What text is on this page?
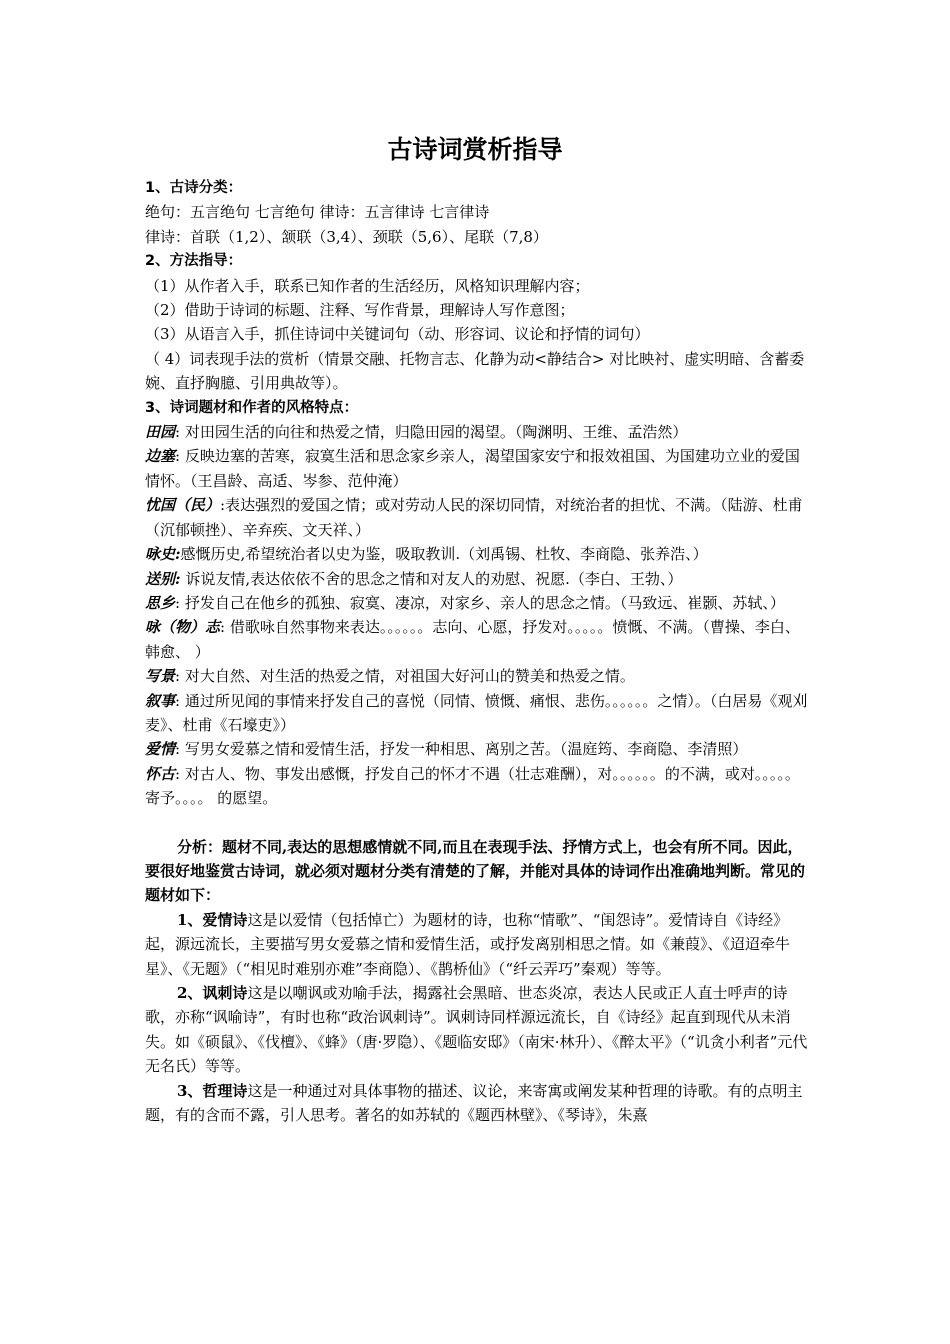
古诗词赏析指导

1、古诗分类：

绝句：五言绝句 七言绝句 律诗：五言律诗 七言律诗

律诗：首联（1,2）、颔联（3,4）、颈联（5,6）、尾联（7,8）

2、方法指导：

（1）从作者入手，联系已知作者的生活经历，风格知识理解内容；

（2）借助于诗词的标题、注释、写作背景，理解诗人写作意图；

（3）从语言入手，抓住诗词中关键词句（动、形容词、议论和抒情的词句）

（ 4）词表现手法的赏析（情景交融、托物言志、化静为动<静结合> 对比映衬、虚实明暗、含蓄委婉、直抒胸臆、引用典故等）。

3、诗词题材和作者的风格特点：

田园: 对田园生活的向往和热爱之情，归隐田园的渴望。（陶渊明、王维、孟浩然）

边塞: 反映边塞的苦寒，寂寞生活和思念家乡亲人，渴望国家安宁和报效祖国、为国建功立业的爱国情怀。（王昌龄、高适、岑参、范仲淹）

忧国（民）:表达强烈的爱国之情；或对劳动人民的深切同情，对统治者的担忧、不满。（陆游、杜甫（沉郁顿挫）、辛弃疾、文天祥、）

咏史:感慨历史,希望统治者以史为鉴，吸取教训.（刘禹锡、杜牧、李商隐、张养浩、）

送别: 诉说友情,表达依依不舍的思念之情和对友人的劝慰、祝愿.（李白、王勃、）

思乡: 抒发自己在他乡的孤独、寂寞、凄凉，对家乡、亲人的思念之情。（马致远、崔颢、苏轼、）

咏（物）志: 借歌咏自然事物来表达。。。。。。志向、心愿，抒发对。。。。。愤慨、不满。（曹操、李白、韩愈、 ）

写景: 对大自然、对生活的热爱之情，对祖国大好河山的赞美和热爱之情。

叙事: 通过所见闻的事情来抒发自己的喜悦（同情、愤慨、痛恨、悲伤。。。。。。之情）。（白居易《观刈麦》、杜甫《石壕吏》）

爱情: 写男女爱慕之情和爱情生活，抒发一种相思、离别之苦。（温庭筠、李商隐、李清照）

怀古: 对古人、物、事发出感慨，抒发自己的怀才不遇（壮志难酬），对。。。。。。的不满，或对。。。。。寄予。。。。 的愿望。

分析：题材不同,表达的思想感情就不同,而且在表现手法、抒情方式上，也会有所不同。因此，要很好地鉴赏古诗词，就必须对题材分类有清楚的了解，并能对具体的诗词作出准确地判断。常见的题材如下：

1、爱情诗这是以爱情（包括悼亡）为题材的诗，也称“情歌”、“闺怨诗”。爱情诗自《诗经》起，源远流长，主要描写男女爱慕之情和爱情生活，或抒发离别相思之情。如《兼葭》、《迢迢牵牛星》、《无题》（“相见时难别亦难”李商隐）、《鹊桥仙》（“纤云弄巧”秦观）等等。

2、讽刺诗这是以嘲讽或劝喻手法，揭露社会黑暗、世态炎凉，表达人民或正人直士呼声的诗歌，亦称“讽喻诗”，有时也称“政治讽刺诗”。讽刺诗同样源远流长，自《诗经》起直到现代从未消失。如《硕鼠》、《伐檀》、《蜂》（唐·罗隐）、《题临安邸》（南宋·林升）、《醉太平》（“讥贪小利者”元代无名氏）等等。

3、哲理诗这是一种通过对具体事物的描述、议论，来寄寓或阐发某种哲理的诗歌。有的点明主题，有的含而不露，引人思考。著名的如苏轼的《题西林壁》、《琴诗》，朱熹
